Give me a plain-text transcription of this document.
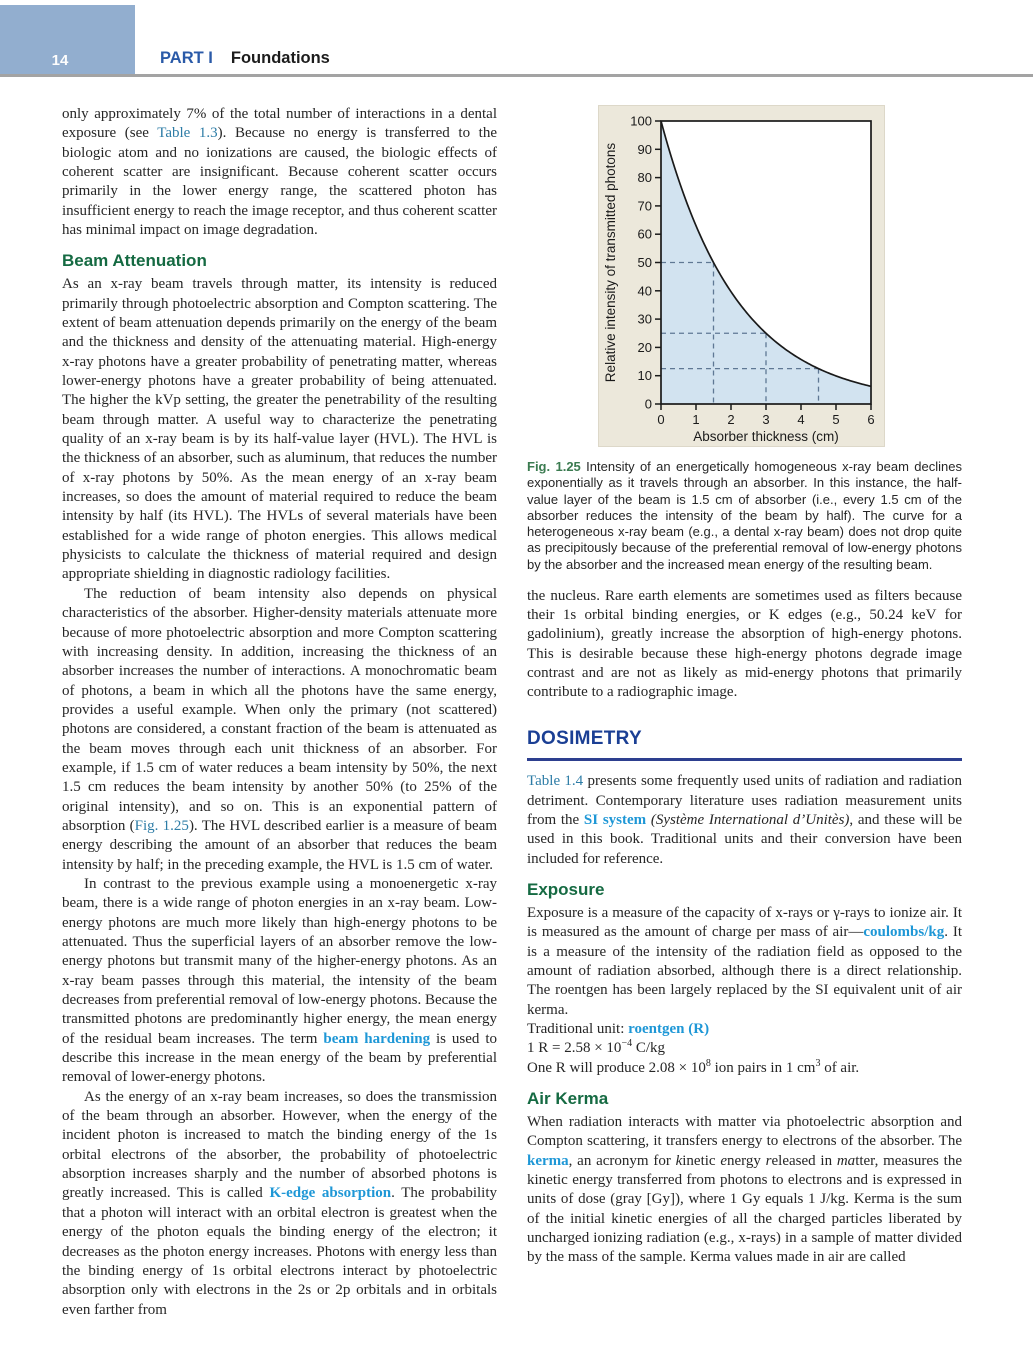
14	PART I Foundations

only approximately 7% of the total number of interactions in a dental exposure (see Table 1.3). Because no energy is transferred to the biologic atom and no ionizations are caused, the biologic effects of coherent scatter are insignificant. Because coherent scatter occurs primarily in the lower energy range, the scattered photon has insufficient energy to reach the image receptor, and thus coherent scatter has minimal impact on image degradation.

Beam Attenuation

As an x-ray beam travels through matter, its intensity is reduced primarily through photoelectric absorption and Compton scattering. The extent of beam attenuation depends primarily on the energy of the beam and the thickness and density of the attenuating material. High-energy x-ray photons have a greater probability of penetrating matter, whereas lower-energy photons have a greater probability of being attenuated. The higher the kVp setting, the greater the penetrability of the resulting beam through matter. A useful way to characterize the penetrating quality of an x-ray beam is by its half-value layer (HVL). The HVL is the thickness of an absorber, such as aluminum, that reduces the number of x-ray photons by 50%. As the mean energy of an x-ray beam increases, so does the amount of material required to reduce the beam intensity by half (its HVL). The HVLs of several materials have been established for a wide range of photon energies. This allows medical physicists to calculate the thickness of material required and design appropriate shielding in diagnostic radiology facilities.

The reduction of beam intensity also depends on physical characteristics of the absorber. Higher-density materials attenuate more because of more photoelectric absorption and more Compton scattering with increasing density. In addition, increasing the thickness of an absorber increases the number of interactions. A monochromatic beam of photons, a beam in which all the photons have the same energy, provides a useful example. When only the primary (not scattered) photons are considered, a constant fraction of the beam is attenuated as the beam moves through each unit thickness of an absorber. For example, if 1.5 cm of water reduces a beam intensity by 50%, the next 1.5 cm reduces the beam intensity by another 50% (to 25% of the original intensity), and so on. This is an exponential pattern of absorption (Fig. 1.25). The HVL described earlier is a measure of beam energy describing the amount of an absorber that reduces the beam intensity by half; in the preceding example, the HVL is 1.5 cm of water.

In contrast to the previous example using a monoenergetic x-ray beam, there is a wide range of photon energies in an x-ray beam. Low-energy photons are much more likely than high-energy photons to be attenuated. Thus the superficial layers of an absorber remove the low-energy photons but transmit many of the higher-energy photons. As an x-ray beam passes through this material, the intensity of the beam decreases from preferential removal of low-energy photons. Because the transmitted photons are predominantly higher energy, the mean energy of the residual beam increases. The term beam hardening is used to describe this increase in the mean energy of the beam by preferential removal of lower-energy photons.

As the energy of an x-ray beam increases, so does the transmission of the beam through an absorber. However, when the energy of the incident photon is increased to match the binding energy of the 1s orbital electrons of the absorber, the probability of photoelectric absorption increases sharply and the number of absorbed photons is greatly increased. This is called K-edge absorption. The probability that a photon will interact with an orbital electron is greatest when the energy of the photon equals the binding energy of the electron; it decreases as the photon energy increases. Photons with energy less than the binding energy of 1s orbital electrons interact by photoelectric absorption only with electrons in the 2s or 2p orbitals and in orbitals even farther from

0
10
20
30
40
50
60
70
80
90
100
0 1 2 3 4 5 6
Absorber thickness (cm)
Relative intensity of transmitted photons
Fig. 1.25 Intensity of an energetically homogeneous x-ray beam declines exponentially as it travels through an absorber. In this instance, the half-value layer of the beam is 1.5 cm of absorber (i.e., every 1.5 cm of the absorber reduces the intensity of the beam by half). The curve for a heterogeneous x-ray beam (e.g., a dental x-ray beam) does not drop quite as precipitously because of the preferential removal of low-energy photons by the absorber and the increased mean energy of the resulting beam.

the nucleus. Rare earth elements are sometimes used as filters because their 1s orbital binding energies, or K edges (e.g., 50.24 keV for gadolinium), greatly increase the absorption of high-energy photons. This is desirable because these high-energy photons degrade image contrast and are not as likely as mid-energy photons that primarily contribute to a radiographic image.

DOSIMETRY

Table 1.4 presents some frequently used units of radiation and radiation detriment. Contemporary literature uses radiation measurement units from the SI system (Système International d’Unitès), and these will be used in this book. Traditional units and their conversion have been included for reference.

Exposure

Exposure is a measure of the capacity of x-rays or γ-rays to ionize air. It is measured as the amount of charge per mass of air—coulombs/kg. It is a measure of the intensity of the radiation field as opposed to the amount of radiation absorbed, although there is a direct relationship. The roentgen has been largely replaced by the SI equivalent unit of air kerma.

Traditional unit: roentgen (R)

1 $R = 2.58 \times 10^{-4}$ C/kg

One R will produce $2.08 \times 10^8$ ion pairs in 1 $cm^3$ of air.

Air Kerma

When radiation interacts with matter via photoelectric absorption and Compton scattering, it transfers energy to electrons of the absorber. The kerma, an acronym for kinetic energy released in matter, measures the kinetic energy transferred from photons to electrons and is expressed in units of dose (gray [Gy]), where 1 Gy equals 1 J/kg. Kerma is the sum of the initial kinetic energies of all the charged particles liberated by uncharged ionizing radiation (e.g., x-rays) in a sample of matter divided by the mass of the sample. Kerma values made in air are called
